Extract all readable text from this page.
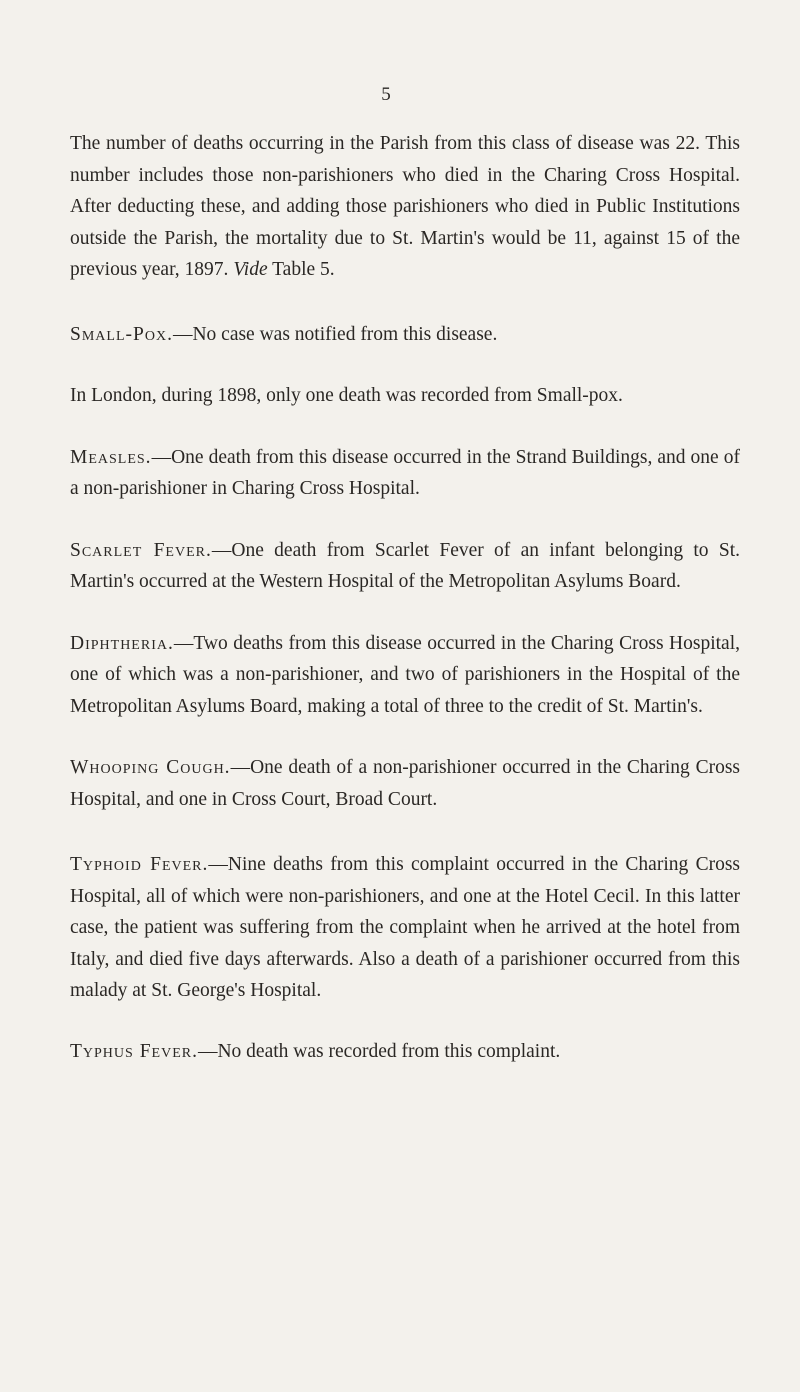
5

The number of deaths occurring in the Parish from this class of disease was 22. This number includes those non-parishioners who died in the Charing Cross Hospital. After deducting these, and adding those parishioners who died in Public Institutions outside the Parish, the mortality due to St. Martin's would be 11, against 15 of the previous year, 1897. Vide Table 5.

Small-Pox.—No case was notified from this disease.

In London, during 1898, only one death was recorded from Small-pox.

Measles.—One death from this disease occurred in the Strand Buildings, and one of a non-parishioner in Charing Cross Hospital.

Scarlet Fever.—One death from Scarlet Fever of an infant belonging to St. Martin's occurred at the Western Hospital of the Metropolitan Asylums Board.

Diphtheria.—Two deaths from this disease occurred in the Charing Cross Hospital, one of which was a non-parishioner, and two of parishioners in the Hospital of the Metropolitan Asylums Board, making a total of three to the credit of St. Martin's.

Whooping Cough.—One death of a non-parishioner occurred in the Charing Cross Hospital, and one in Cross Court, Broad Court.

Typhoid Fever.—Nine deaths from this complaint occurred in the Charing Cross Hospital, all of which were non-parishioners, and one at the Hotel Cecil. In this latter case, the patient was suffering from the complaint when he arrived at the hotel from Italy, and died five days afterwards. Also a death of a parishioner occurred from this malady at St. George's Hospital.

Typhus Fever.—No death was recorded from this complaint.
